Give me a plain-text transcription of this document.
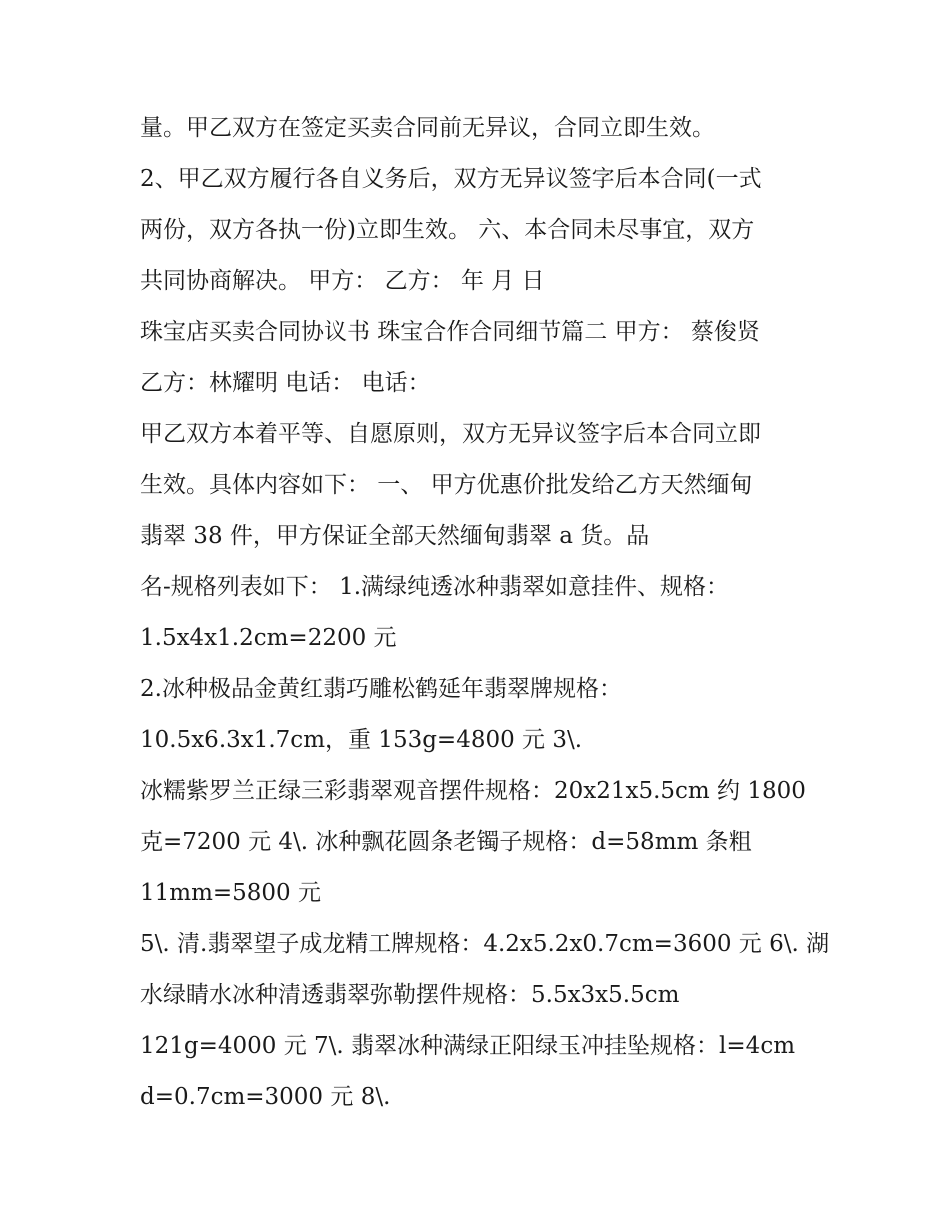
量。甲乙双方在签定买卖合同前无异议，合同立即生效。
2、甲乙双方履行各自义务后，双方无异议签字后本合同(一式
两份，双方各执一份)立即生效。 六、本合同未尽事宜，双方
共同协商解决。 甲方： 乙方： 年 月 日
珠宝店买卖合同协议书 珠宝合作合同细节篇二 甲方： 蔡俊贤
乙方：林耀明 电话： 电话：
甲乙双方本着平等、自愿原则，双方无异议签字后本合同立即
生效。具体内容如下： 一、 甲方优惠价批发给乙方天然缅甸
翡翠 38 件，甲方保证全部天然缅甸翡翠 a 货。品
名-规格列表如下： 1.满绿纯透冰种翡翠如意挂件、规格：
1.5x4x1.2cm=2200 元
2.冰种极品金黄红翡巧雕松鹤延年翡翠牌规格：
10.5x6.3x1.7cm，重 153g=4800 元 3\.
冰糯紫罗兰正绿三彩翡翠观音摆件规格：20x21x5.5cm 约 1800
克=7200 元 4\. 冰种飘花圆条老镯子规格：d=58mm 条粗
11mm=5800 元
5\. 清.翡翠望子成龙精工牌规格：4.2x5.2x0.7cm=3600 元 6\. 湖
水绿睛水冰种清透翡翠弥勒摆件规格：5.5x3x5.5cm
121g=4000 元 7\. 翡翠冰种满绿正阳绿玉冲挂坠规格：l=4cm
d=0.7cm=3000 元 8\.
